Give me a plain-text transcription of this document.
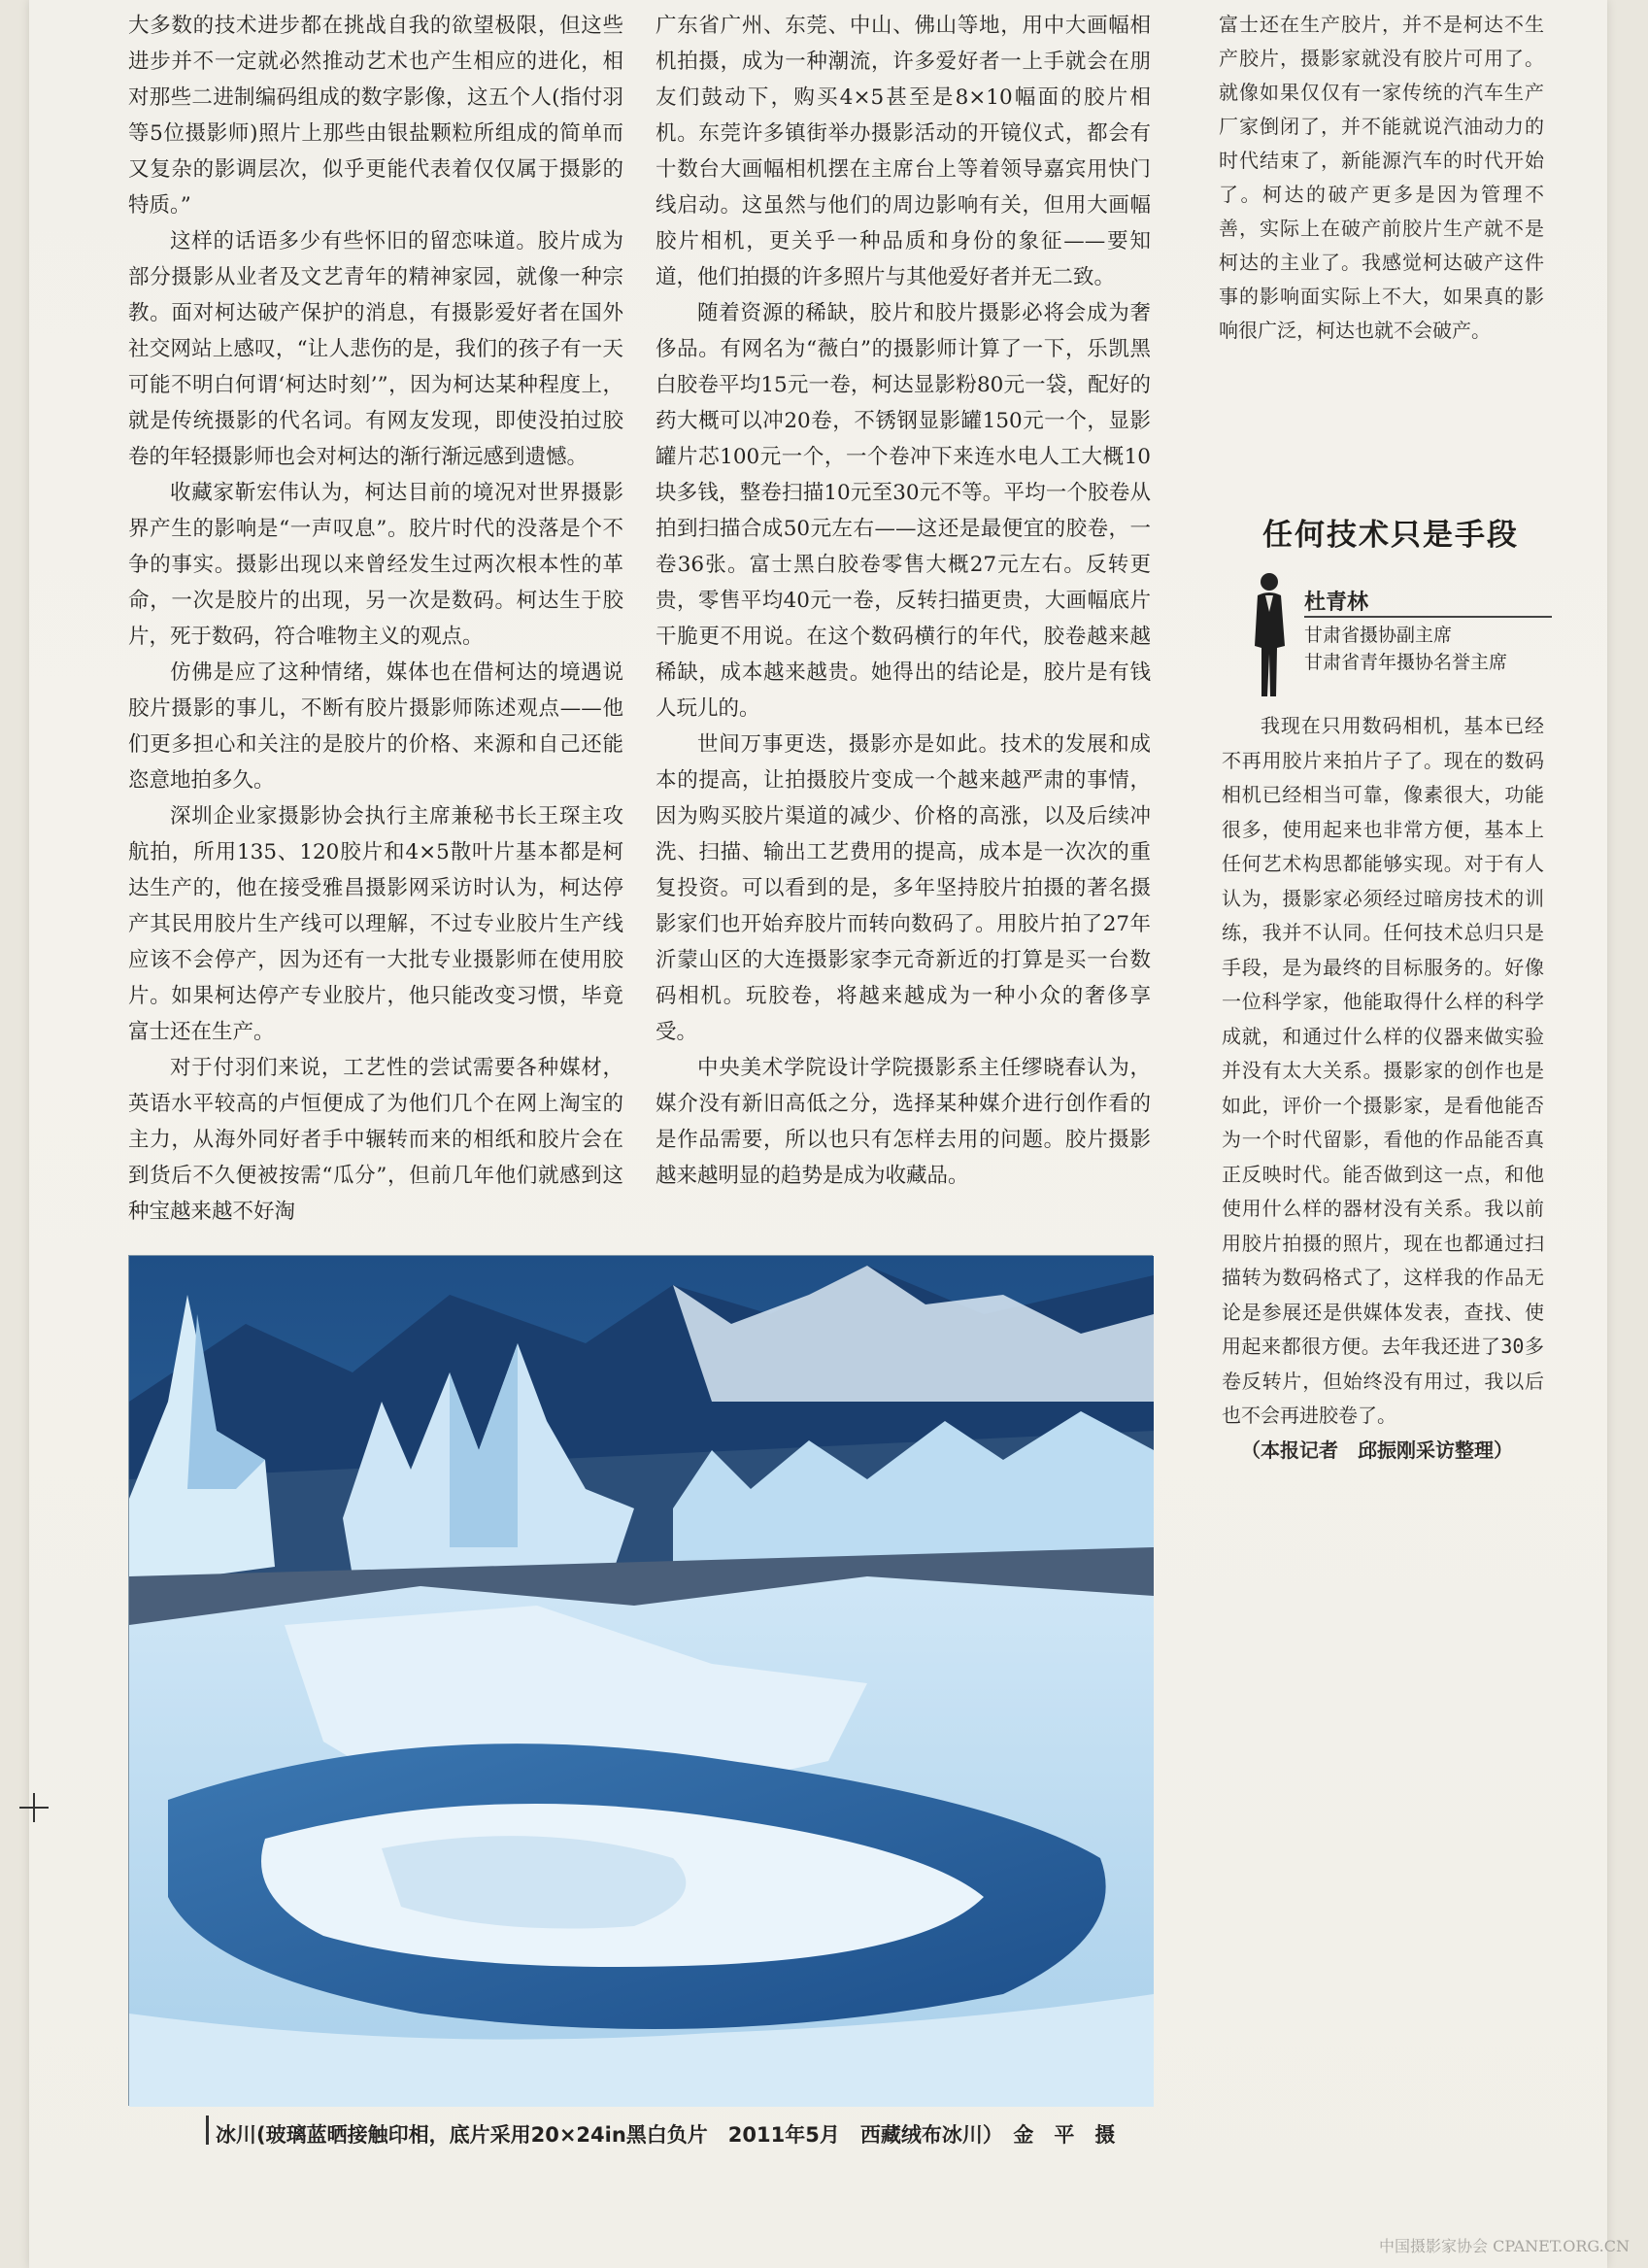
大多数的技术进步都在挑战自我的欲望极限，但这些进步并不一定就必然推动艺术也产生相应的进化，相对那些二进制编码组成的数字影像，这五个人(指付羽等5位摄影师)照片上那些由银盐颗粒所组成的简单而又复杂的影调层次，似乎更能代表着仅仅属于摄影的特质。”

这样的话语多少有些怀旧的留恋味道。胶片成为部分摄影从业者及文艺青年的精神家园，就像一种宗教。面对柯达破产保护的消息，有摄影爱好者在国外社交网站上感叹，“让人悲伤的是，我们的孩子有一天可能不明白何谓‘柯达时刻’”，因为柯达某种程度上，就是传统摄影的代名词。有网友发现，即使没拍过胶卷的年轻摄影师也会对柯达的渐行渐远感到遗憾。

收藏家靳宏伟认为，柯达目前的境况对世界摄影界产生的影响是“一声叹息”。胶片时代的没落是个不争的事实。摄影出现以来曾经发生过两次根本性的革命，一次是胶片的出现，另一次是数码。柯达生于胶片，死于数码，符合唯物主义的观点。

仿佛是应了这种情绪，媒体也在借柯达的境遇说胶片摄影的事儿，不断有胶片摄影师陈述观点——他们更多担心和关注的是胶片的价格、来源和自己还能恣意地拍多久。

深圳企业家摄影协会执行主席兼秘书长王琛主攻航拍，所用135、120胶片和4×5散叶片基本都是柯达生产的，他在接受雅昌摄影网采访时认为，柯达停产其民用胶片生产线可以理解，不过专业胶片生产线应该不会停产，因为还有一大批专业摄影师在使用胶片。如果柯达停产专业胶片，他只能改变习惯，毕竟富士还在生产。

对于付羽们来说，工艺性的尝试需要各种媒材，英语水平较高的卢恒便成了为他们几个在网上淘宝的主力，从海外同好者手中辗转而来的相纸和胶片会在到货后不久便被按需“瓜分”，但前几年他们就感到这种宝越来越不好淘

广东省广州、东莞、中山、佛山等地，用中大画幅相机拍摄，成为一种潮流，许多爱好者一上手就会在朋友们鼓动下，购买4×5甚至是8×10幅面的胶片相机。东莞许多镇街举办摄影活动的开镜仪式，都会有十数台大画幅相机摆在主席台上等着领导嘉宾用快门线启动。这虽然与他们的周边影响有关，但用大画幅胶片相机，更关乎一种品质和身份的象征——要知道，他们拍摄的许多照片与其他爱好者并无二致。

随着资源的稀缺，胶片和胶片摄影必将会成为奢侈品。有网名为“薇白”的摄影师计算了一下，乐凯黑白胶卷平均15元一卷，柯达显影粉80元一袋，配好的药大概可以冲20卷，不锈钢显影罐150元一个，显影罐片芯100元一个，一个卷冲下来连水电人工大概10块多钱，整卷扫描10元至30元不等。平均一个胶卷从拍到扫描合成50元左右——这还是最便宜的胶卷，一卷36张。富士黑白胶卷零售大概27元左右。反转更贵，零售平均40元一卷，反转扫描更贵，大画幅底片干脆更不用说。在这个数码横行的年代，胶卷越来越稀缺，成本越来越贵。她得出的结论是，胶片是有钱人玩儿的。

世间万事更迭，摄影亦是如此。技术的发展和成本的提高，让拍摄胶片变成一个越来越严肃的事情，因为购买胶片渠道的减少、价格的高涨，以及后续冲洗、扫描、输出工艺费用的提高，成本是一次次的重复投资。可以看到的是，多年坚持胶片拍摄的著名摄影家们也开始弃胶片而转向数码了。用胶片拍了27年沂蒙山区的大连摄影家李元奇新近的打算是买一台数码相机。玩胶卷，将越来越成为一种小众的奢侈享受。

中央美术学院设计学院摄影系主任缪晓春认为，媒介没有新旧高低之分，选择某种媒介进行创作看的是作品需要，所以也只有怎样去用的问题。胶片摄影越来越明显的趋势是成为收藏品。

富士还在生产胶片，并不是柯达不生产胶片，摄影家就没有胶片可用了。就像如果仅仅有一家传统的汽车生产厂家倒闭了，并不能就说汽油动力的时代结束了，新能源汽车的时代开始了。柯达的破产更多是因为管理不善，实际上在破产前胶片生产就不是柯达的主业了。我感觉柯达破产这件事的影响面实际上不大，如果真的影响很广泛，柯达也就不会破产。

任何技术只是手段
杜青林
甘肃省摄协副主席
甘肃省青年摄协名誉主席

我现在只用数码相机，基本已经不再用胶片来拍片子了。现在的数码相机已经相当可靠，像素很大，功能很多，使用起来也非常方便，基本上任何艺术构思都能够实现。对于有人认为，摄影家必须经过暗房技术的训练，我并不认同。任何技术总归只是手段，是为最终的目标服务的。好像一位科学家，他能取得什么样的科学成就，和通过什么样的仪器来做实验并没有太大关系。摄影家的创作也是如此，评价一个摄影家，是看他能否为一个时代留影，看他的作品能否真正反映时代。能否做到这一点，和他使用什么样的器材没有关系。我以前用胶片拍摄的照片，现在也都通过扫描转为数码格式了，这样我的作品无论是参展还是供媒体发表，查找、使用起来都很方便。去年我还进了30多卷反转片，但始终没有用过，我以后也不会再进胶卷了。

（本报记者　邱振刚采访整理）

冰川(玻璃蓝晒接触印相，底片采用20×24in黑白负片　2011年5月　西藏绒布冰川）　金　平　摄
中国摄影家协会 CPANET.ORG.CN
